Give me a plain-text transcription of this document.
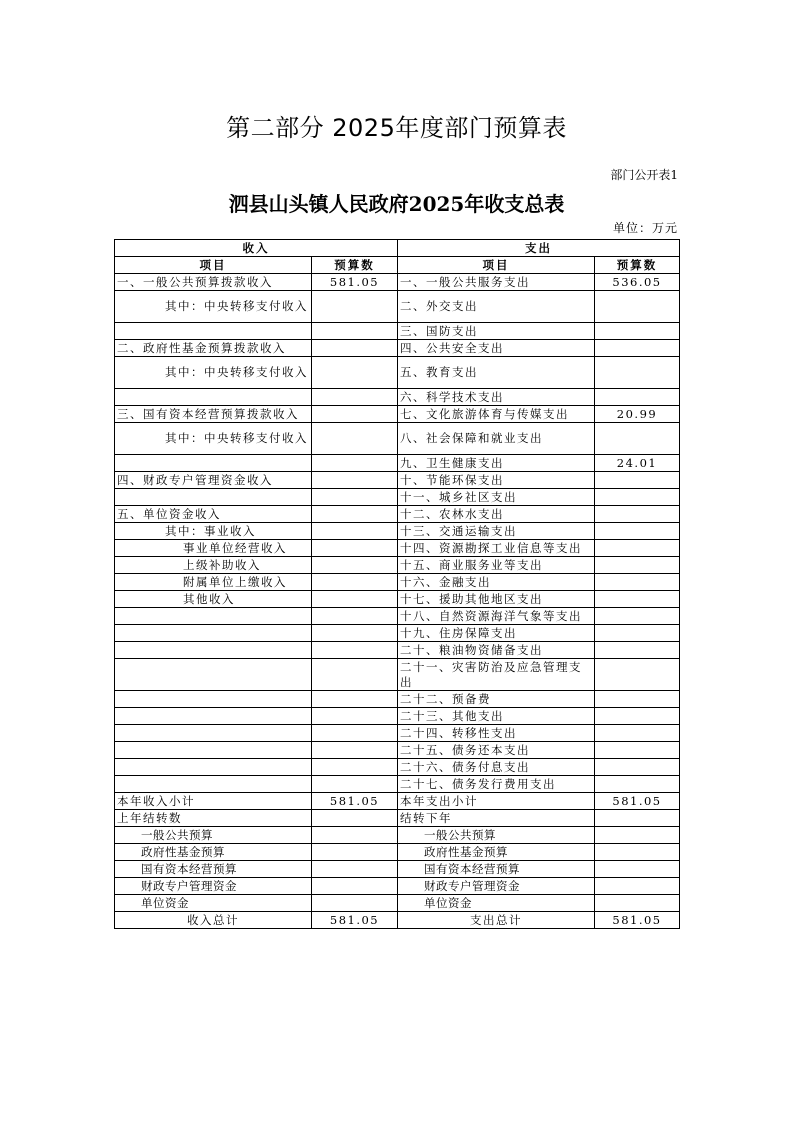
第二部分 2025年度部门预算表
部门公开表1
泗县山头镇人民政府2025年收支总表
单位：万元
收入		支出	
项目	预算数	项目	预算数
一、一般公共预算拨款收入	581.05	一、一般公共服务支出	536.05
其中：中央转移支付收入		二、外交支出	
		三、国防支出	
二、政府性基金预算拨款收入		四、公共安全支出	
其中：中央转移支付收入		五、教育支出	
		六、科学技术支出	
三、国有资本经营预算拨款收入		七、文化旅游体育与传媒支出	20.99
其中：中央转移支付收入		八、社会保障和就业支出	
		九、卫生健康支出	24.01
四、财政专户管理资金收入		十、节能环保支出	
		十一、城乡社区支出	
五、单位资金收入		十二、农林水支出	
其中：事业收入		十三、交通运输支出	
事业单位经营收入		十四、资源勘探工业信息等支出	
上级补助收入		十五、商业服务业等支出	
附属单位上缴收入		十六、金融支出	
其他收入		十七、援助其他地区支出	
		十八、自然资源海洋气象等支出	
		十九、住房保障支出	
		二十、粮油物资储备支出	
		二十一、灾害防治及应急管理支出	
		二十二、预备费	
		二十三、其他支出	
		二十四、转移性支出	
		二十五、债务还本支出	
		二十六、债务付息支出	
		二十七、债务发行费用支出	
本年收入小计	581.05	本年支出小计	581.05
上年结转数		结转下年	
一般公共预算		一般公共预算	
政府性基金预算		政府性基金预算	
国有资本经营预算		国有资本经营预算	
财政专户管理资金		财政专户管理资金	
单位资金		单位资金	
收入总计	581.05	支出总计	581.05
